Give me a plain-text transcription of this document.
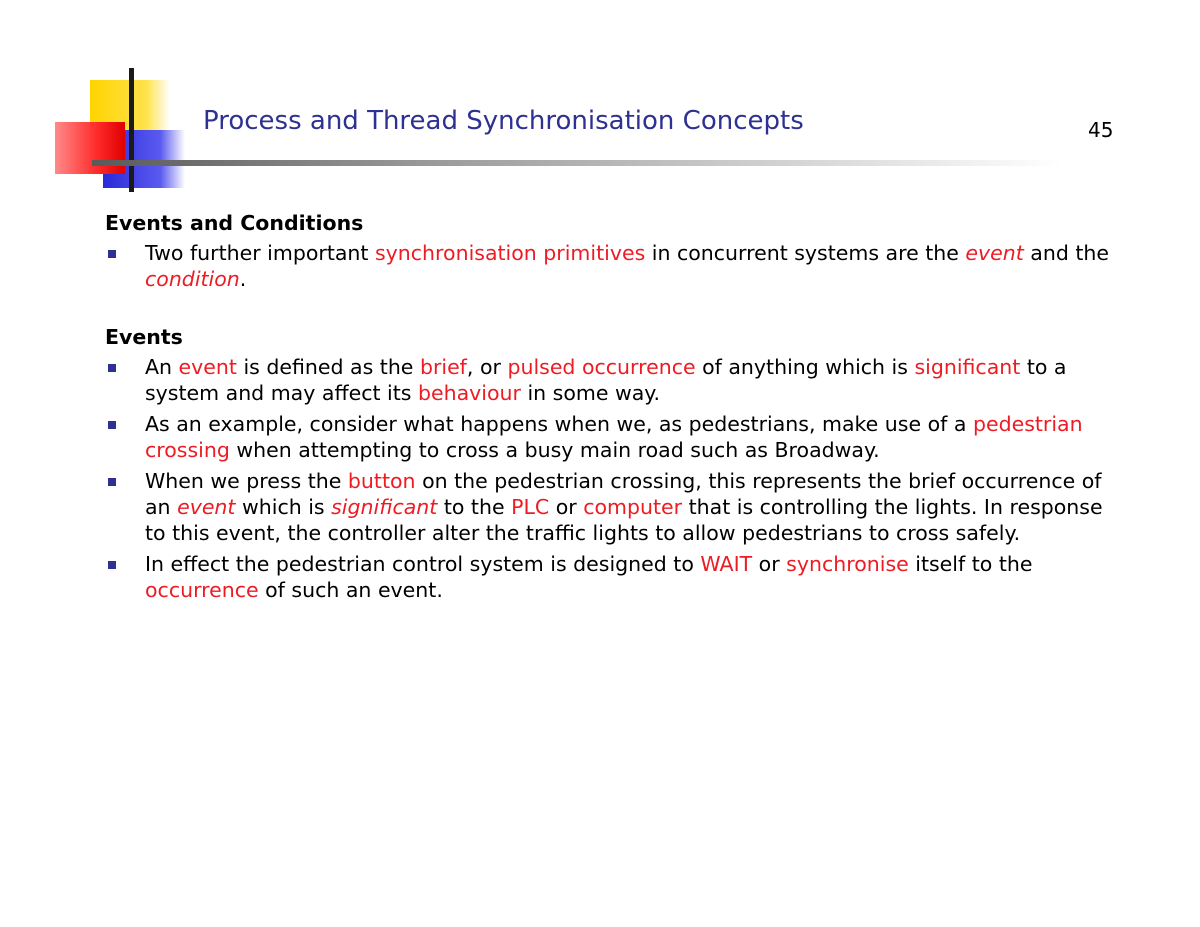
Process and Thread Synchronisation Concepts	45
Events and Conditions
Two further important synchronisation primitives in concurrent systems are the event and the condition.
Events
An event is defined as the brief, or pulsed occurrence of anything which is significant to a system and may affect its behaviour in some way.
As an example, consider what happens when we, as pedestrians, make use of a pedestrian crossing when attempting to cross a busy main road such as Broadway.
When we press the button on the pedestrian crossing, this represents the brief occurrence of an event which is significant to the PLC or computer that is controlling the lights. In response to this event, the controller alter the traffic lights to allow pedestrians to cross safely.
In effect the pedestrian control system is designed to WAIT or synchronise itself to the occurrence of such an event.
